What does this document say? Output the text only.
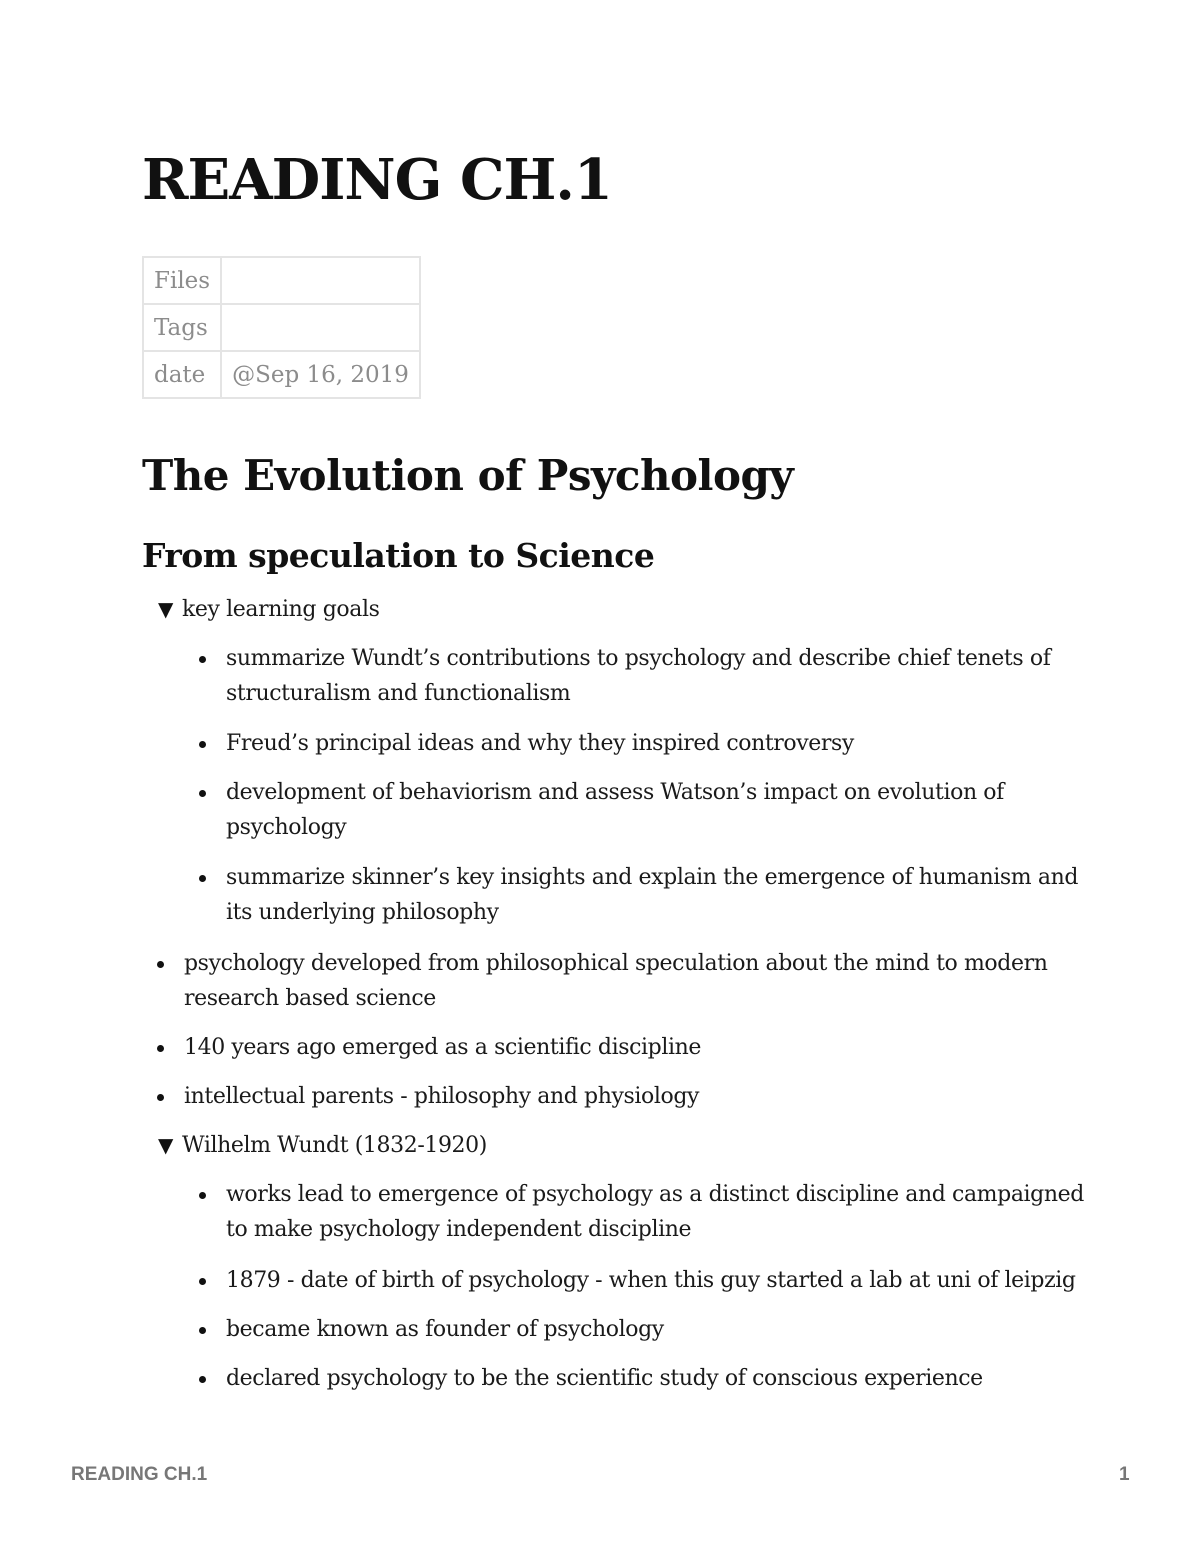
READING CH.1
Files	
Tags	
date	@Sep 16, 2019
The Evolution of Psychology
From speculation to Science
▼ key learning goals

summarize Wundt’s contributions to psychology and describe chief tenets of

structuralism and functionalism

Freud’s principal ideas and why they inspired controversy

development of behaviorism and assess Watson’s impact on evolution of

psychology

summarize skinner’s key insights and explain the emergence of humanism and

its underlying philosophy

psychology developed from philosophical speculation about the mind to modern

research based science

140 years ago emerged as a scientific discipline

intellectual parents - philosophy and physiology

▼ Wilhelm Wundt (1832-1920)

works lead to emergence of psychology as a distinct discipline and campaigned

to make psychology independent discipline

1879 - date of birth of psychology - when this guy started a lab at uni of leipzig

became known as founder of psychology

declared psychology to be the scientific study of conscious experience

READING CH.1	1
